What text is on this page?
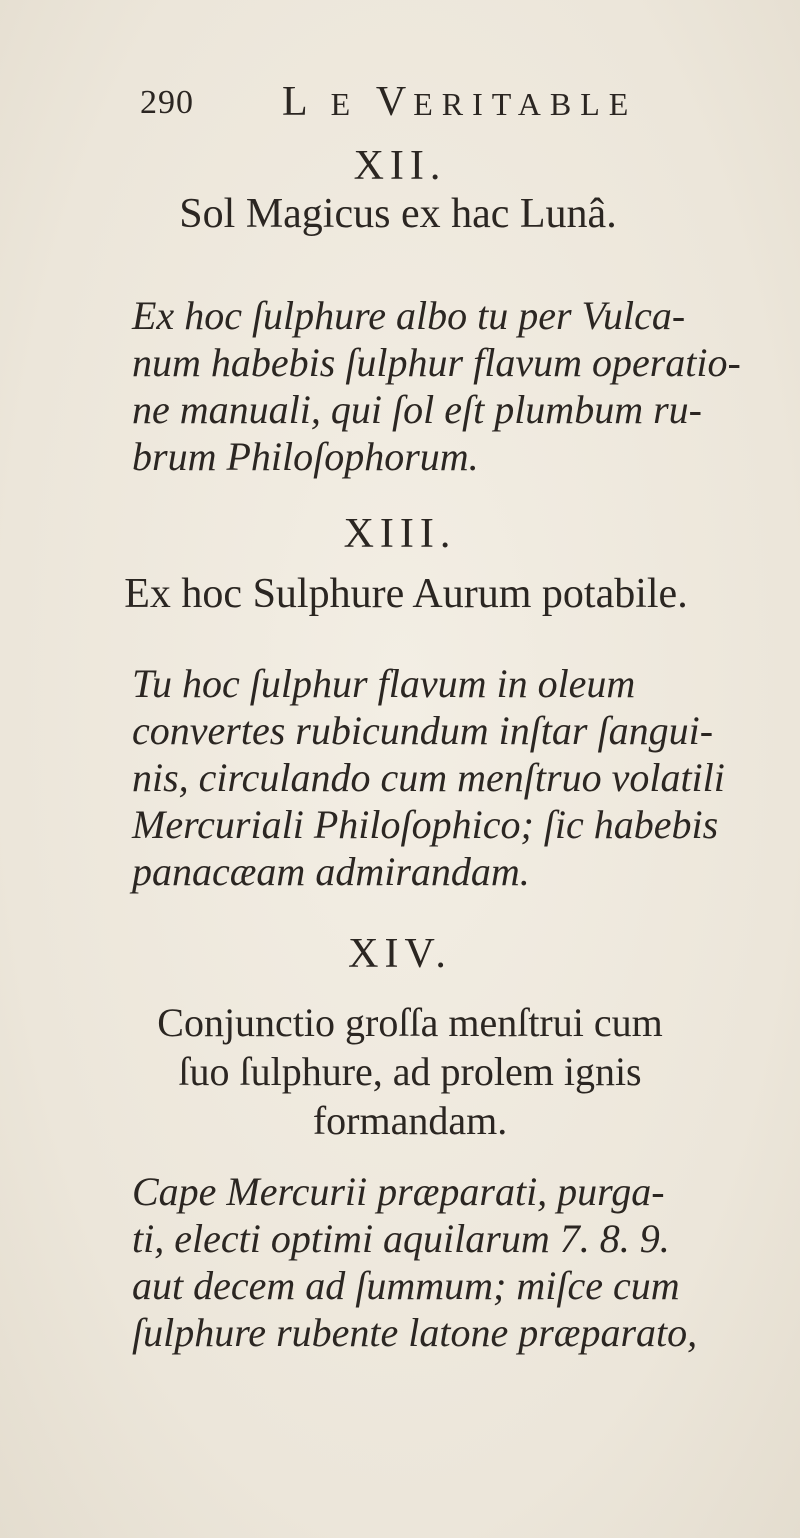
290 L E VERITABLE
XII.
Sol Magicus ex hac Lunâ.

Ex hoc ſulphure albo tu per Vulca-
num habebis ſulphur flavum operatio-
ne manuali, qui ſol eſt plumbum ru-
brum Philoſophorum.

XIII.
Ex hoc Sulphure Aurum potabile.

Tu hoc ſulphur flavum in oleum
convertes rubicundum inſtar ſangui-
nis, circulando cum menſtruo volatili
Mercuriali Philoſophico; ſic habebis
panacæam admirandam.

XIV.
Conjunctio groſſa menſtrui cum
ſuo ſulphure, ad prolem ignis
formandam.

Cape Mercurii præparati, purga-
ti, electi optimi aquilarum 7. 8. 9.
aut decem ad ſummum; miſce cum
ſulphure rubente latone præparato,
